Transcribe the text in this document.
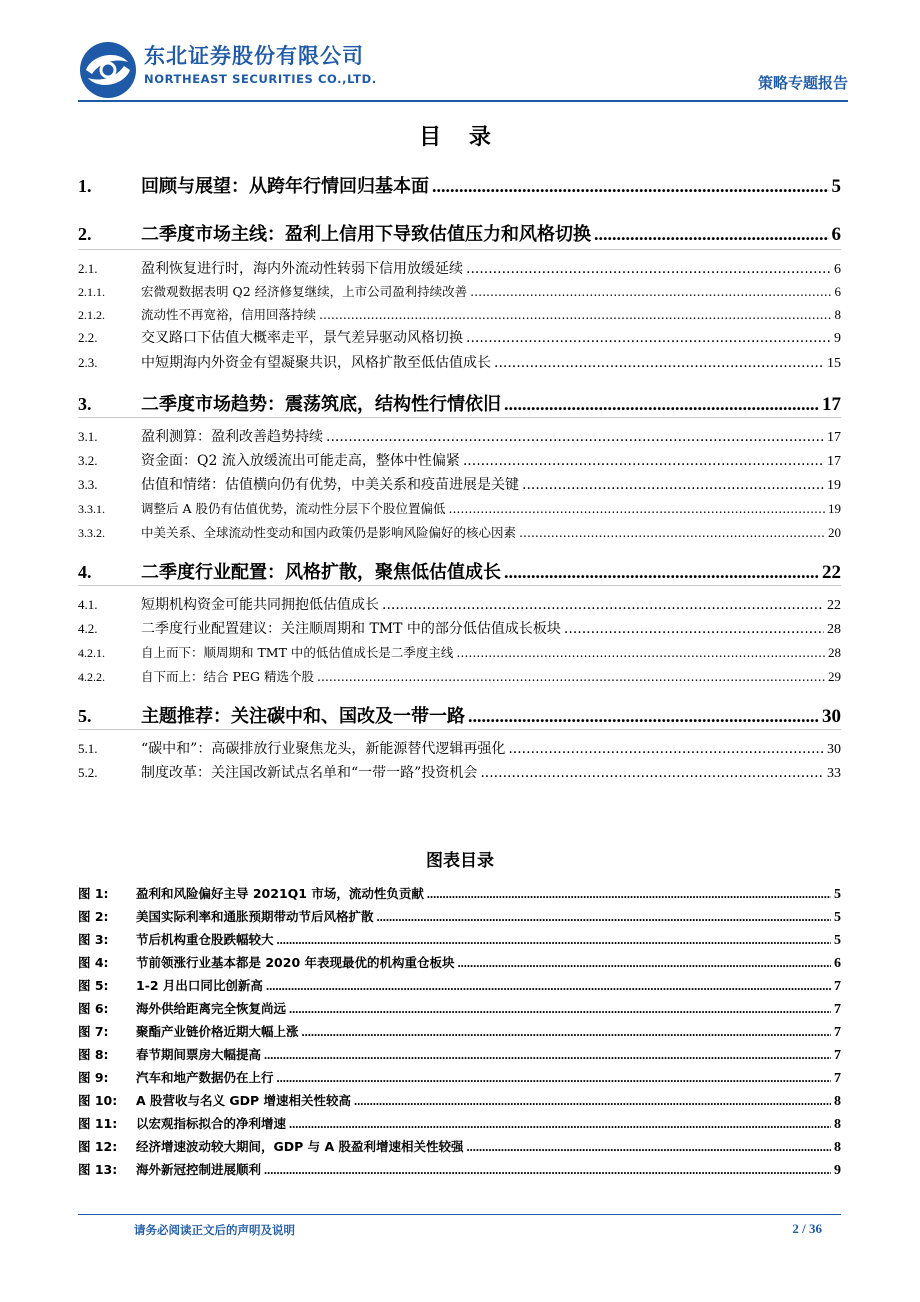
东北证券股份有限公司
NORTHEAST SECURITIES CO.,LTD.	策略专题报告
目 录
1.	回顾与展望：从跨年行情回归基本面 .....	5
2.	二季度市场主线：盈利上信用下导致估值压力和风格切换 .....	6
2.1.	盈利恢复进行时，海内外流动性转弱下信用放缓延续 .....	6
2.1.1.	宏微观数据表明 Q2 经济修复继续，上市公司盈利持续改善 .....	6
2.1.2.	流动性不再宽裕，信用回落持续 .....	8
2.2.	交叉路口下估值大概率走平，景气差异驱动风格切换 .....	9
2.3.	中短期海内外资金有望凝聚共识，风格扩散至低估值成长 .....	15
3.	二季度市场趋势：震荡筑底，结构性行情依旧 .....	17
3.1.	盈利测算：盈利改善趋势持续 .....	17
3.2.	资金面：Q2 流入放缓流出可能走高，整体中性偏紧 .....	17
3.3.	估值和情绪：估值横向仍有优势，中美关系和疫苗进展是关键 .....	19
3.3.1.	调整后 A 股仍有估值优势，流动性分层下个股位置偏低 .....	19
3.3.2.	中美关系、全球流动性变动和国内政策仍是影响风险偏好的核心因素 .....	20
4.	二季度行业配置：风格扩散，聚焦低估值成长 .....	22
4.1.	短期机构资金可能共同拥抱低估值成长 .....	22
4.2.	二季度行业配置建议：关注顺周期和 TMT 中的部分低估值成长板块 .....	28
4.2.1.	自上而下：顺周期和 TMT 中的低估值成长是二季度主线 .....	28
4.2.2.	自下而上：结合 PEG 精选个股 .....	29
5.	主题推荐：关注碳中和、国改及一带一路 .....	30
5.1.	“碳中和”：高碳排放行业聚焦龙头，新能源替代逻辑再强化 .....	30
5.2.	制度改革：关注国改新试点名单和“一带一路”投资机会 .....	33
图表目录
图 1:	盈利和风险偏好主导 2021Q1 市场，流动性负贡献 .....	5
图 2:	美国实际利率和通胀预期带动节后风格扩散 .....	5
图 3:	节后机构重仓股跌幅较大 .....	5
图 4:	节前领涨行业基本都是 2020 年表现最优的机构重仓板块 .....	6
图 5:	1-2 月出口同比创新高 .....	7
图 6:	海外供给距离完全恢复尚远 .....	7
图 7:	聚酯产业链价格近期大幅上涨 .....	7
图 8:	春节期间票房大幅提高 .....	7
图 9:	汽车和地产数据仍在上行 .....	7
图 10:	A 股营收与名义 GDP 增速相关性较高 .....	8
图 11:	以宏观指标拟合的净利增速 .....	8
图 12:	经济增速波动较大期间，GDP 与 A 股盈利增速相关性较强 .....	8
图 13:	海外新冠控制进展顺利 .....	9
请务必阅读正文后的声明及说明	2 / 36
